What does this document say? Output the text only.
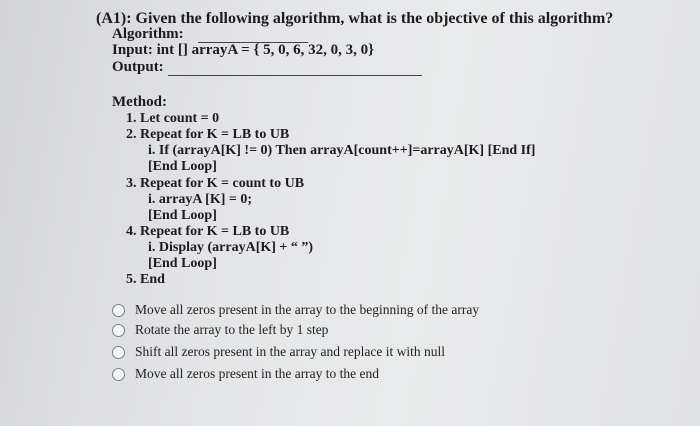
(A1): Given the following algorithm, what is the objective of this algorithm?
Algorithm:
Input: int [] arrayA = { 5, 0, 6, 32, 0, 3, 0}
Output:
Method:
1. Let count = 0
2. Repeat for K = LB to UB
i. If (arrayA[K] != 0) Then arrayA[count++]=arrayA[K] [End If]
[End Loop]
3. Repeat for K = count to UB
i. arrayA [K] = 0;
[End Loop]
4. Repeat for K = LB to UB
i. Display (arrayA[K] + “ ”)
[End Loop]
5. End
Move all zeros present in the array to the beginning of the array
Rotate the array to the left by 1 step
Shift all zeros present in the array and replace it with null
Move all zeros present in the array to the end
